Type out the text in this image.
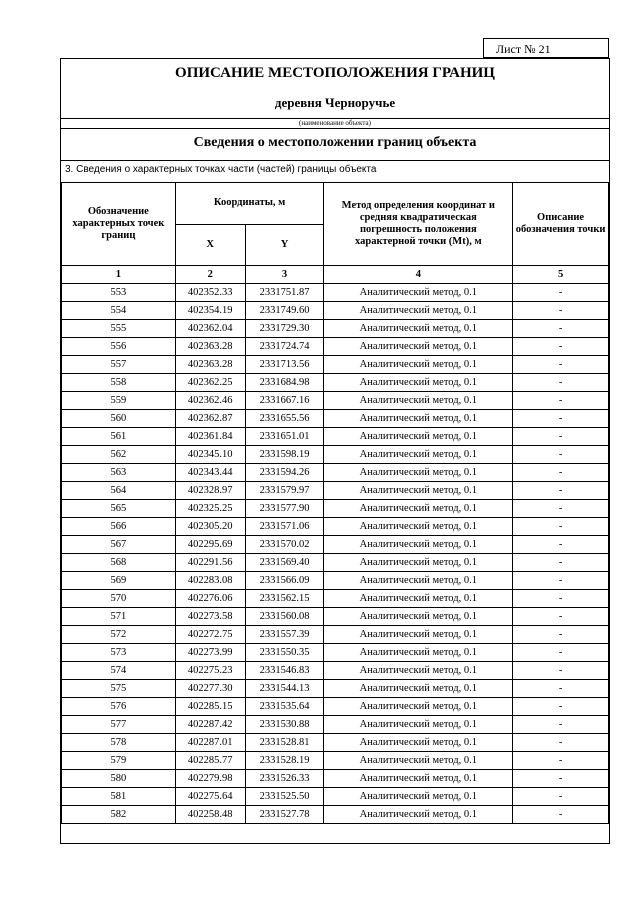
Лист № 21
ОПИСАНИЕ МЕСТОПОЛОЖЕНИЯ ГРАНИЦ
деревня Черноручье
(наименование объекта)
Сведения о местоположении границ объекта
3. Сведения о характерных точках части (частей) границы объекта
Обозначение характерных точек границ	Координаты, м		Метод определения координат и средняя квадратическая погрешность положения характерной точки (Mt), м	Описание обозначения точки
	X	Y		
1	2	3	4	5
553	402352.33	2331751.87	Аналитический метод, 0.1	-
554	402354.19	2331749.60	Аналитический метод, 0.1	-
555	402362.04	2331729.30	Аналитический метод, 0.1	-
556	402363.28	2331724.74	Аналитический метод, 0.1	-
557	402363.28	2331713.56	Аналитический метод, 0.1	-
558	402362.25	2331684.98	Аналитический метод, 0.1	-
559	402362.46	2331667.16	Аналитический метод, 0.1	-
560	402362.87	2331655.56	Аналитический метод, 0.1	-
561	402361.84	2331651.01	Аналитический метод, 0.1	-
562	402345.10	2331598.19	Аналитический метод, 0.1	-
563	402343.44	2331594.26	Аналитический метод, 0.1	-
564	402328.97	2331579.97	Аналитический метод, 0.1	-
565	402325.25	2331577.90	Аналитический метод, 0.1	-
566	402305.20	2331571.06	Аналитический метод, 0.1	-
567	402295.69	2331570.02	Аналитический метод, 0.1	-
568	402291.56	2331569.40	Аналитический метод, 0.1	-
569	402283.08	2331566.09	Аналитический метод, 0.1	-
570	402276.06	2331562.15	Аналитический метод, 0.1	-
571	402273.58	2331560.08	Аналитический метод, 0.1	-
572	402272.75	2331557.39	Аналитический метод, 0.1	-
573	402273.99	2331550.35	Аналитический метод, 0.1	-
574	402275.23	2331546.83	Аналитический метод, 0.1	-
575	402277.30	2331544.13	Аналитический метод, 0.1	-
576	402285.15	2331535.64	Аналитический метод, 0.1	-
577	402287.42	2331530.88	Аналитический метод, 0.1	-
578	402287.01	2331528.81	Аналитический метод, 0.1	-
579	402285.77	2331528.19	Аналитический метод, 0.1	-
580	402279.98	2331526.33	Аналитический метод, 0.1	-
581	402275.64	2331525.50	Аналитический метод, 0.1	-
582	402258.48	2331527.78	Аналитический метод, 0.1	-
